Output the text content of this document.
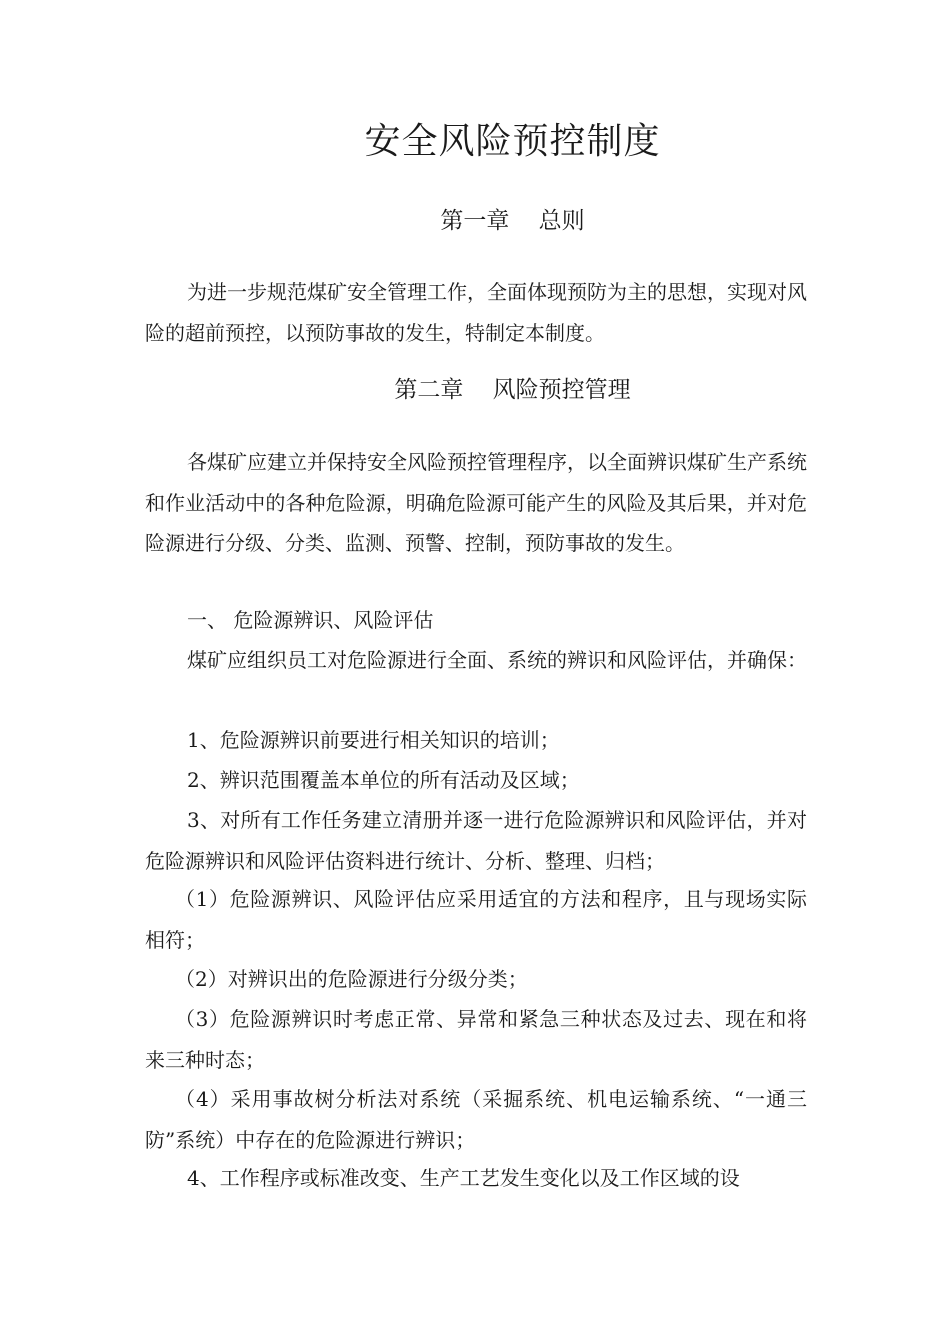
安全风险预控制度
第一章    总则

为进一步规范煤矿安全管理工作，全面体现预防为主的思想，实现对风险的超前预控，以预防事故的发生，特制定本制度。

第二章    风险预控管理

各煤矿应建立并保持安全风险预控管理程序，以全面辨识煤矿生产系统和作业活动中的各种危险源，明确危险源可能产生的风险及其后果，并对危险源进行分级、分类、监测、预警、控制，预防事故的发生。

一、 危险源辨识、风险评估

煤矿应组织员工对危险源进行全面、系统的辨识和风险评估，并确保：

1、危险源辨识前要进行相关知识的培训；

2、辨识范围覆盖本单位的所有活动及区域；

3、对所有工作任务建立清册并逐一进行危险源辨识和风险评估，并对危险源辨识和风险评估资料进行统计、分析、整理、归档；

（1）危险源辨识、风险评估应采用适宜的方法和程序，且与现场实际相符；

（2）对辨识出的危险源进行分级分类；

（3）危险源辨识时考虑正常、异常和紧急三种状态及过去、现在和将来三种时态；

（4）采用事故树分析法对系统（采掘系统、机电运输系统、“一通三防”系统）中存在的危险源进行辨识；

4、工作程序或标准改变、生产工艺发生变化以及工作区域的设
